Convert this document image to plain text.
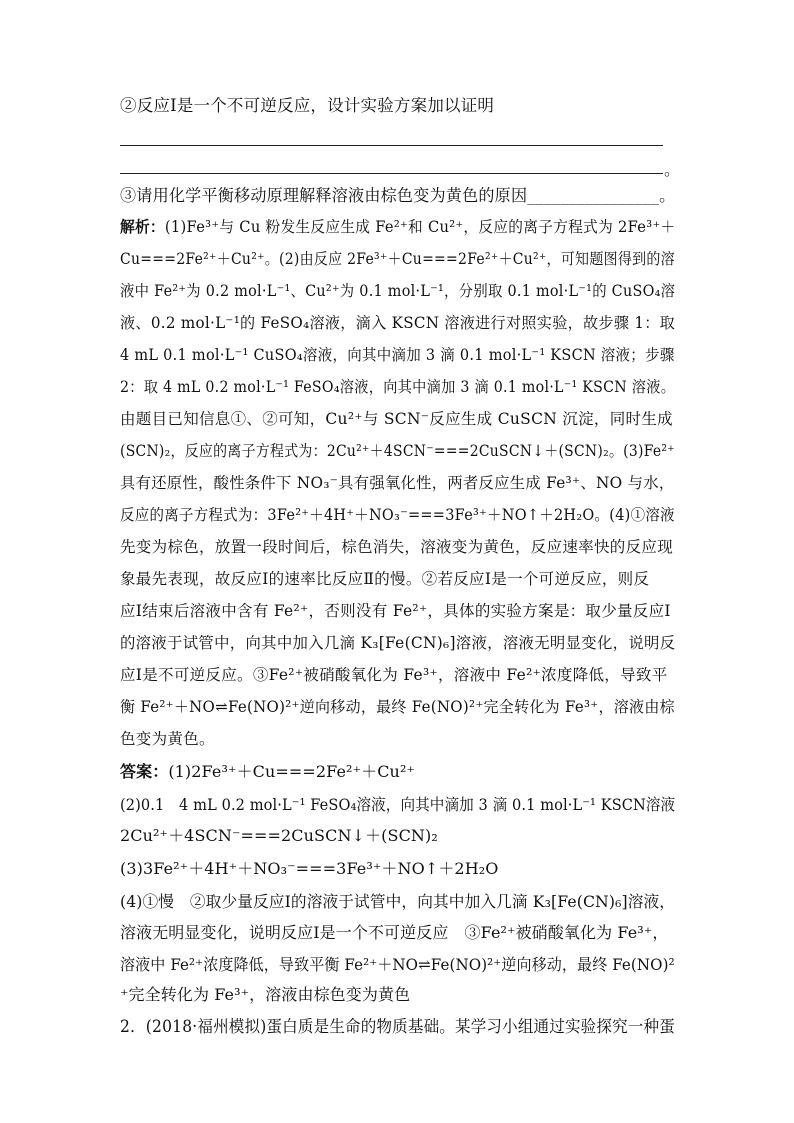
②反应Ⅰ是一个不可逆反应，设计实验方案加以证明
。
③请用化学平衡移动原理解释溶液由棕色变为黄色的原因________________。
解析：(1)Fe³⁺与 Cu 粉发生反应生成 Fe²⁺和 Cu²⁺，反应的离子方程式为 2Fe³⁺＋
Cu===2Fe²⁺＋Cu²⁺。(2)由反应 2Fe³⁺＋Cu===2Fe²⁺＋Cu²⁺，可知题图得到的溶
液中 Fe²⁺为 0.2 mol·L⁻¹、Cu²⁺为 0.1 mol·L⁻¹，分别取 0.1 mol·L⁻¹的 CuSO₄溶
液、0.2 mol·L⁻¹的 FeSO₄溶液，滴入 KSCN 溶液进行对照实验，故步骤 1：取
4 mL 0.1 mol·L⁻¹ CuSO₄溶液，向其中滴加 3 滴 0.1 mol·L⁻¹ KSCN 溶液；步骤
2：取 4 mL 0.2 mol·L⁻¹ FeSO₄溶液，向其中滴加 3 滴 0.1 mol·L⁻¹ KSCN 溶液。
由题目已知信息①、②可知，Cu²⁺与 SCN⁻反应生成 CuSCN 沉淀，同时生成
(SCN)₂，反应的离子方程式为：2Cu²⁺＋4SCN⁻===2CuSCN↓＋(SCN)₂。(3)Fe²⁺
具有还原性，酸性条件下 NO₃⁻具有强氧化性，两者反应生成 Fe³⁺、NO 与水，
反应的离子方程式为：3Fe²⁺＋4H⁺＋NO₃⁻===3Fe³⁺＋NO↑＋2H₂O。(4)①溶液
先变为棕色，放置一段时间后，棕色消失，溶液变为黄色，反应速率快的反应现
象最先表现，故反应Ⅰ的速率比反应Ⅱ的慢。②若反应Ⅰ是一个可逆反应，则反
应Ⅰ结束后溶液中含有 Fe²⁺，否则没有 Fe²⁺，具体的实验方案是：取少量反应Ⅰ
的溶液于试管中，向其中加入几滴 K₃[Fe(CN)₆]溶液，溶液无明显变化，说明反
应Ⅰ是不可逆反应。③Fe²⁺被硝酸氧化为 Fe³⁺，溶液中 Fe²⁺浓度降低，导致平
衡 Fe²⁺＋NO⇌Fe(NO)²⁺逆向移动，最终 Fe(NO)²⁺完全转化为 Fe³⁺，溶液由棕
色变为黄色。
答案：(1)2Fe³⁺＋Cu===2Fe²⁺＋Cu²⁺
(2)0.1　4 mL 0.2 mol·L⁻¹ FeSO₄溶液，向其中滴加 3 滴 0.1 mol·L⁻¹ KSCN溶液
2Cu²⁺＋4SCN⁻===2CuSCN↓＋(SCN)₂
(3)3Fe²⁺＋4H⁺＋NO₃⁻===3Fe³⁺＋NO↑＋2H₂O
(4)①慢　②取少量反应Ⅰ的溶液于试管中，向其中加入几滴 K₃[Fe(CN)₆]溶液，
溶液无明显变化，说明反应Ⅰ是一个不可逆反应　③Fe²⁺被硝酸氧化为 Fe³⁺，
溶液中 Fe²⁺浓度降低，导致平衡 Fe²⁺＋NO⇌Fe(NO)²⁺逆向移动，最终 Fe(NO)²
⁺完全转化为 Fe³⁺，溶液由棕色变为黄色
2．(2018·福州模拟)蛋白质是生命的物质基础。某学习小组通过实验探究一种蛋
